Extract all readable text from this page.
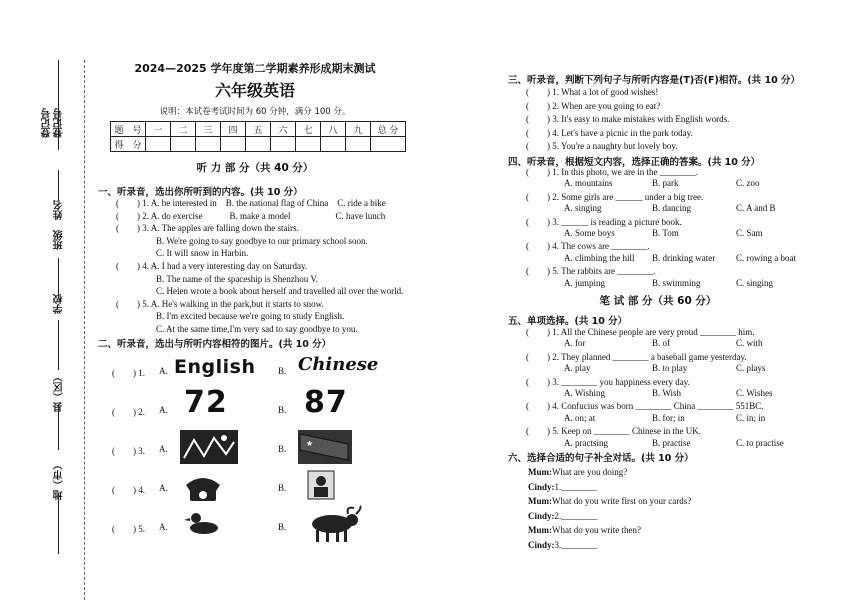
登记号
登记号
姓名
班级
学校
县（区）
地（市）
2024—2025 学年度第二学期素养形成期末测试
六年级英语
说明：本试卷考试时间为 60 分钟，满分 100 分。
题　号	一	二	三	四	五	六	七	八	九	总 分
得　分										
听 力 部 分（共 40 分）
一、听录音，选出你所听到的内容。(共 10 分）
(　　) 1. A. be interested in　B. the national flag of China　C. ride a bike
(　　) 2. A. do exercise　　　B. make a model　　　　　C. have lunch
(　　) 3. A. The apples are falling down the stairs.
B. We're going to say goodbye to our primary school soon.
C. It will snow in Harbin.
(　　) 4. A. I had a very interesting day on Saturday.
B. The name of the spaceship is Shenzhou V.
C. Helen wrote a book about herself and travelled all over the world.
(　　) 5. A. He's walking in the park,but it starts to snow.
B. I'm excited because we're going to study English.
C. At the same time,I'm very sad to say goodbye to you.
二、听录音，选出与所听内容相符的图片。(共 10 分）
(　　) 1. A. English	B. Chinese
(　　) 2. A. 72	B. 87
(　　) 3. A.	B.
★
(　　) 4. A.	B.
(　　) 5. A.	B.
三、听录音，判断下列句子与所听内容是(T)否(F)相符。(共 10 分）
(　　) 1. What a lot of good wishes!
(　　) 2. When are you going to eat?
(　　) 3. It's easy to make mistakes with English words.
(　　) 4. Let's have a picnic in the park today.
(　　) 5. You're a naughty but lovely boy.
四、听录音，根据短文内容，选择正确的答案。(共 10 分）
(　　) 1. In this photo, we are in the ________.
A. mountains	B. park	C. zoo
(　　) 2. Some girls are ______ under a big tree.
A. singing	B. dancing	C. A and B
(　　) 3. ______ is reading a picture book.
A. Some boys	B. Tom	C. Sam
(　　) 4. The cows are ________.
A. climbing the hill B. drinking water C. rowing a boat
(　　) 5. The rabbits are ________.
A. jumping	B. swimming	C. singing
笔 试 部 分（共 60 分）
五、单项选择。(共 10 分）
(　　) 1. All the Chinese people are very proud ________ him.
A. for	B. of	C. with
(　　) 2. They planned ________ a baseball game yesterday.
A. play	B. to play	C. plays
(　　) 3. ________ you happiness every day.
A. Wishing	B. Wish	C. Wishes
(　　) 4. Confucius was born ________ China ________ 551BC.
A. on; at	B. for; in	C. in; in
(　　) 5. Keep on ________ Chinese in the UK.
A. practsing	B. practise	C. to practise
六、选择合适的句子补全对话。(共 10 分）
Mum:What are you doing?
Cindy:1.________
Mum:What do you write first on your cards?
Cindy:2.________
Mum:What do you write then?
Cindy:3.________
